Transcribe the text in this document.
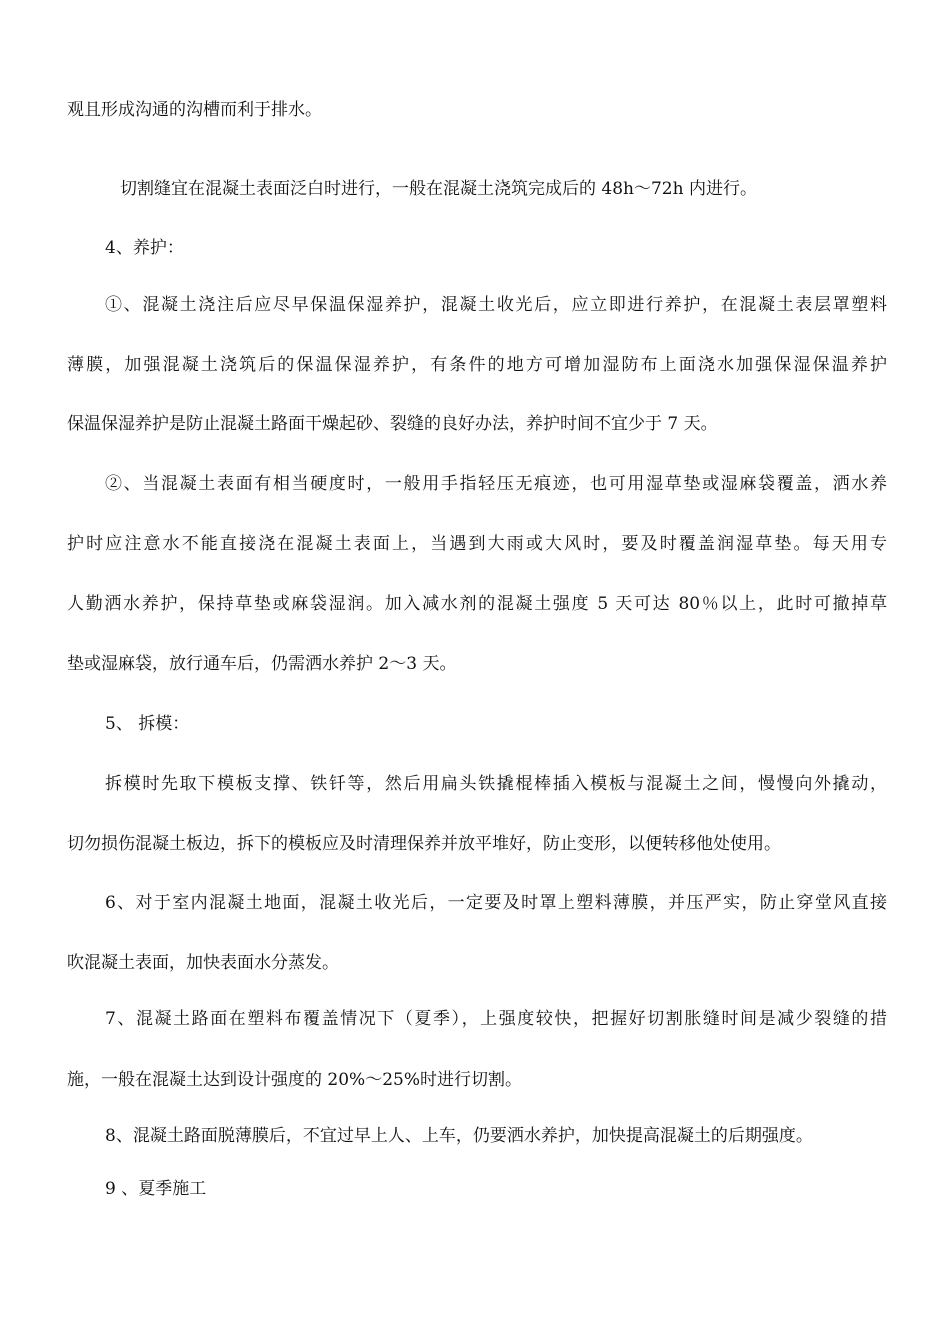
观且形成沟通的沟槽而利于排水。
切割缝宜在混凝土表面泛白时进行，一般在混凝土浇筑完成后的 48h～72h 内进行。
4、养护：
①、混凝土浇注后应尽早保温保湿养护，混凝土收光后，应立即进行养护，在混凝土表层罩塑料
薄膜，加强混凝土浇筑后的保温保湿养护，有条件的地方可增加湿防布上面浇水加强保湿保温养护
保温保湿养护是防止混凝土路面干燥起砂、裂缝的良好办法，养护时间不宜少于 7 天。
②、当混凝土表面有相当硬度时，一般用手指轻压无痕迹，也可用湿草垫或湿麻袋覆盖，洒水养
护时应注意水不能直接浇在混凝土表面上，当遇到大雨或大风时，要及时覆盖润湿草垫。每天用专
人勤洒水养护，保持草垫或麻袋湿润。加入减水剂的混凝土强度 5 天可达 80％以上，此时可撤掉草
垫或湿麻袋，放行通车后，仍需洒水养护 2～3 天。
5、 拆模：
拆模时先取下模板支撑、铁钎等，然后用扁头铁撬棍棒插入模板与混凝土之间，慢慢向外撬动，
切勿损伤混凝土板边，拆下的模板应及时清理保养并放平堆好，防止变形，以便转移他处使用。
6、对于室内混凝土地面，混凝土收光后，一定要及时罩上塑料薄膜，并压严实，防止穿堂风直接
吹混凝土表面，加快表面水分蒸发。
7、混凝土路面在塑料布覆盖情况下（夏季），上强度较快，把握好切割胀缝时间是减少裂缝的措
施，一般在混凝土达到设计强度的 20%～25%时进行切割。
8、混凝土路面脱薄膜后，不宜过早上人、上车，仍要洒水养护，加快提高混凝土的后期强度。
9 、夏季施工
